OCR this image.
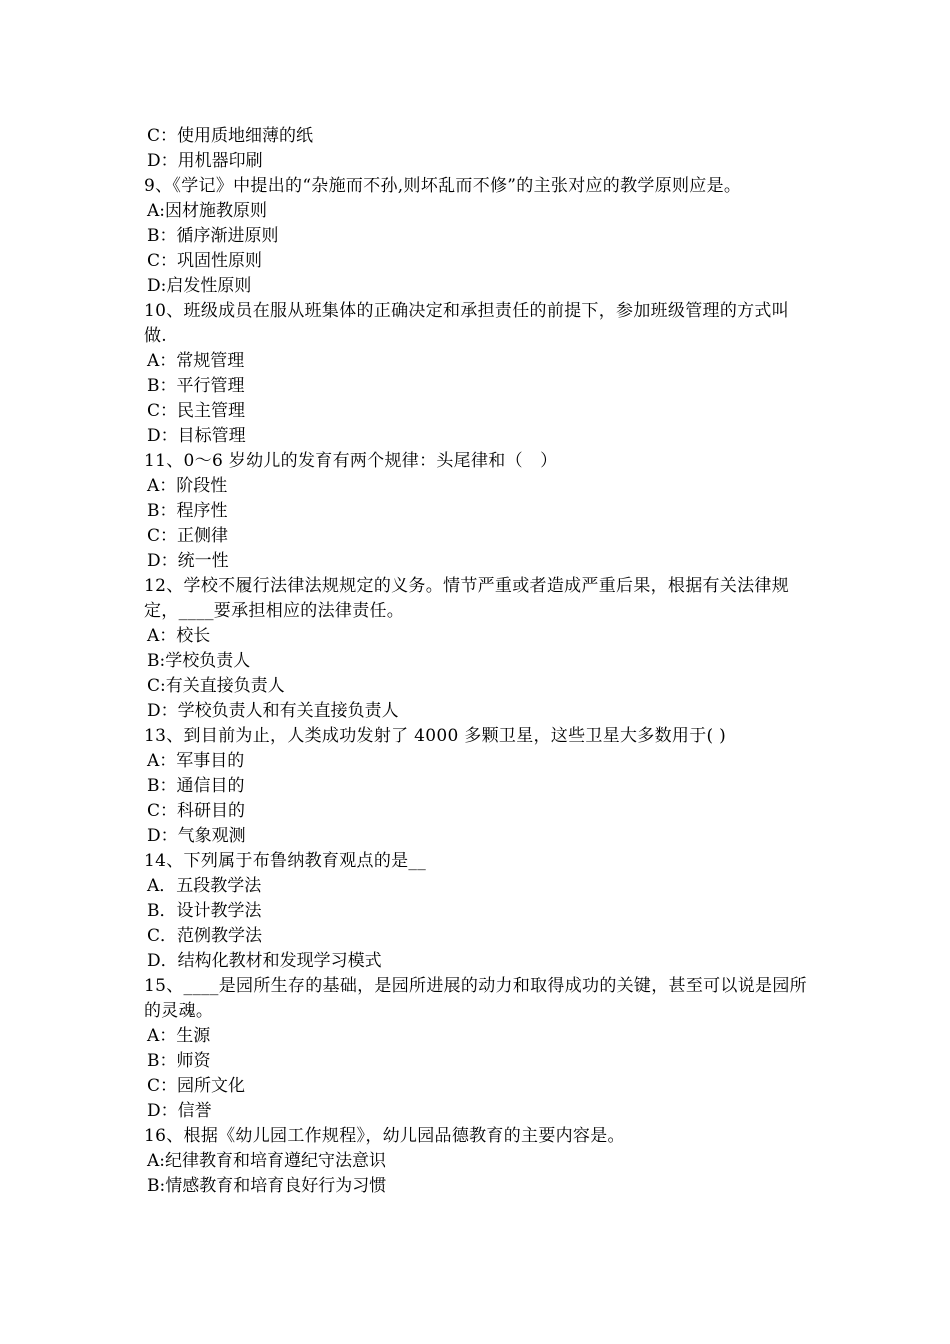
C：使用质地细薄的纸
D：用机器印刷
9、《学记》中提出的“杂施而不孙,则坏乱而不修”的主张对应的教学原则应是。
A:因材施教原则
B：循序渐进原则
C：巩固性原则
D:启发性原则
10、班级成员在服从班集体的正确决定和承担责任的前提下，参加班级管理的方式叫做.
A：常规管理
B：平行管理
C：民主管理
D：目标管理
11、0～6 岁幼儿的发育有两个规律：头尾律和（　）
A：阶段性
B：程序性
C：正侧律
D：统一性
12、学校不履行法律法规规定的义务。情节严重或者造成严重后果，根据有关法律规定，____要承担相应的法律责任。
A：校长
B:学校负责人
C:有关直接负责人
D：学校负责人和有关直接负责人
13、到目前为止，人类成功发射了 4000 多颗卫星，这些卫星大多数用于( )
A：军事目的
B：通信目的
C：科研目的
D：气象观测
14、下列属于布鲁纳教育观点的是__
A．五段教学法
B．设计教学法
C．范例教学法
D．结构化教材和发现学习模式
15、____是园所生存的基础，是园所进展的动力和取得成功的关键，甚至可以说是园所的灵魂。
A：生源
B：师资
C：园所文化
D：信誉
16、根据《幼儿园工作规程》，幼儿园品德教育的主要内容是。
A:纪律教育和培育遵纪守法意识
B:情感教育和培育良好行为习惯
